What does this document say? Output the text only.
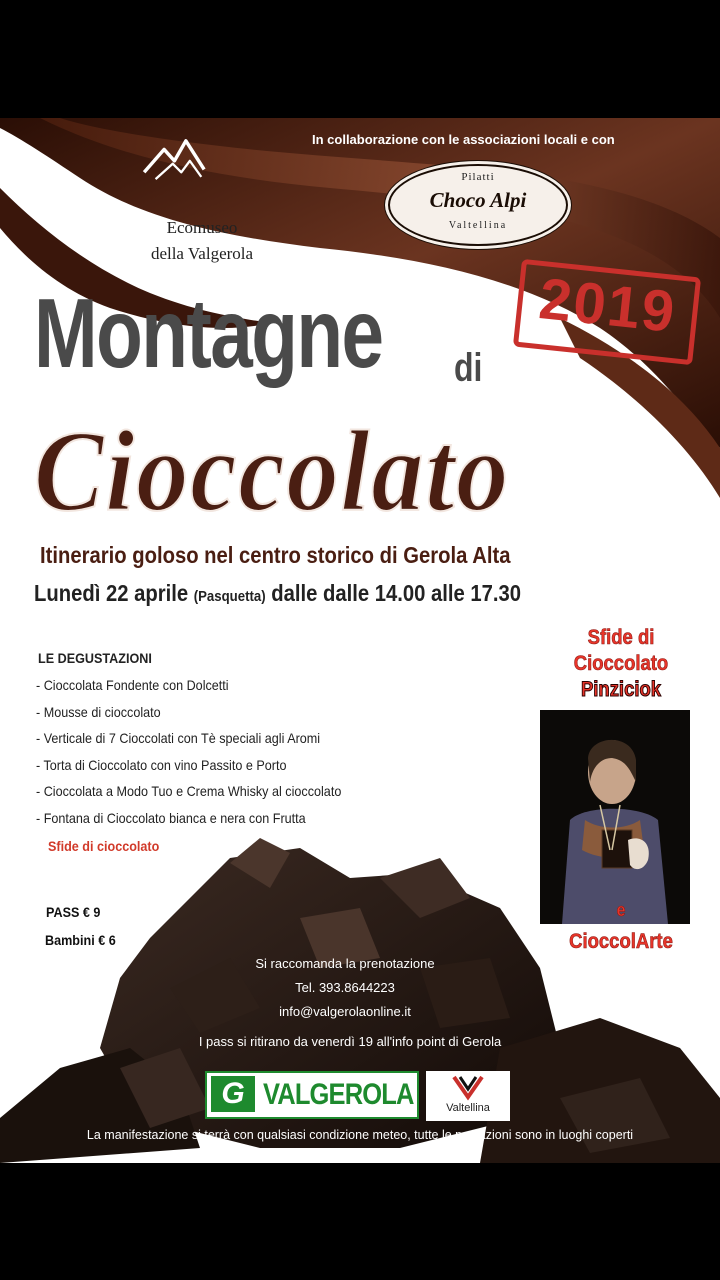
Ecomuseo
della Valgerola
In collaborazione con le associazioni locali e con
Pilatti
Choco Alpi
Valtellina
2019
Montagne di
Cioccolato
Itinerario goloso nel centro storico di Gerola Alta
Lunedì 22 aprile (Pasquetta) dalle dalle 14.00 alle 17.30
LE DEGUSTAZIONI
- Cioccolata Fondente con Dolcetti
- Mousse di cioccolato
- Verticale di 7 Cioccolati con Tè speciali agli Aromi
- Torta di Cioccolato con vino Passito e Porto
- Cioccolata a Modo Tuo e Crema Whisky al cioccolato
- Fontana di Cioccolato bianca e nera con Frutta
Sfide di cioccolato
PASS € 9
Bambini € 6
Si raccomanda la prenotazione
Tel. 393.8644223
info@valgerolaonline.it
I pass si ritirano da venerdì 19 all'info point di Gerola
Sfide di
Cioccolato
Pinziciok
e
CioccolArte
G VALGEROLA	Valtellina
La manifestazione si terrà con qualsiasi condizione meteo, tutte le postazioni sono in luoghi coperti
